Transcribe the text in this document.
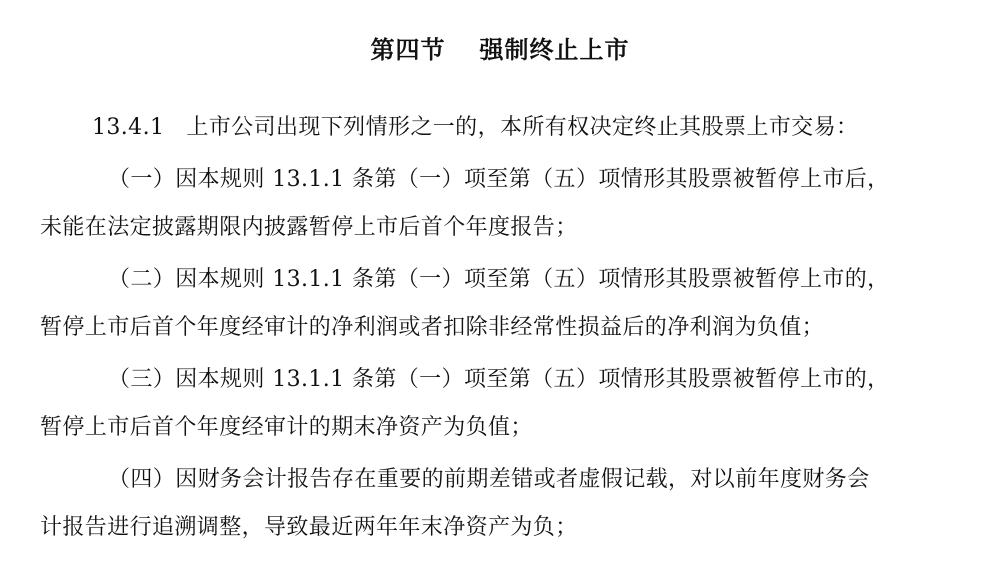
第四节 强制终止上市
13.4.1 上市公司出现下列情形之一的，本所有权决定终止其股票上市交易：
（一）因本规则 13.1.1 条第（一）项至第（五）项情形其股票被暂停上市后，
未能在法定披露期限内披露暂停上市后首个年度报告；
（二）因本规则 13.1.1 条第（一）项至第（五）项情形其股票被暂停上市的，
暂停上市后首个年度经审计的净利润或者扣除非经常性损益后的净利润为负值；
（三）因本规则 13.1.1 条第（一）项至第（五）项情形其股票被暂停上市的，
暂停上市后首个年度经审计的期末净资产为负值；
（四）因财务会计报告存在重要的前期差错或者虚假记载，对以前年度财务会
计报告进行追溯调整，导致最近两年年末净资产为负；
